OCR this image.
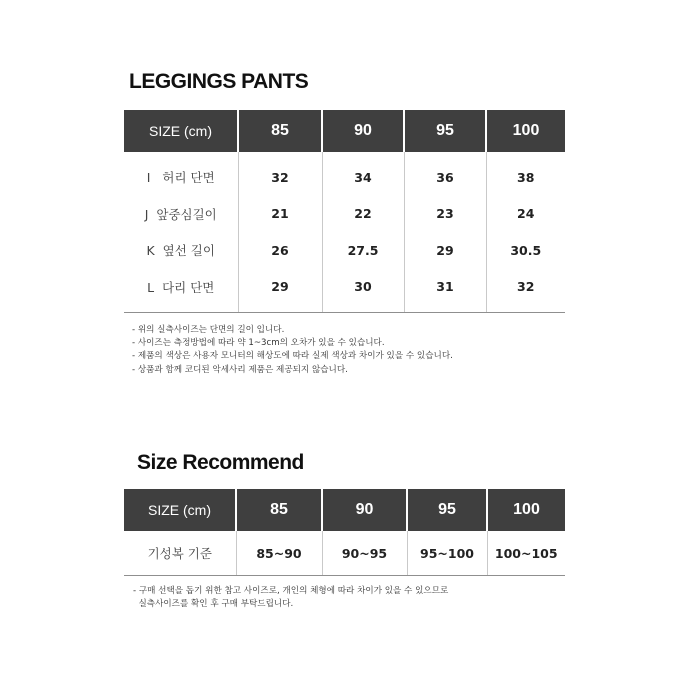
LEGGINGS PANTS
SIZE (cm)	85	90	95	100

I   허리 단면	32	34	36	38
J  앞중심길이	21	22	23	24
K  옆선 길이	26	27.5	29	30.5
L  다리 단면	29	30	31	32

- 위의 실측사이즈는 단면의 길이 입니다.
- 사이즈는 측정방법에 따라 약 1~3cm의 오차가 있을 수 있습니다.
- 제품의 색상은 사용자 모니터의 해상도에 따라 실제 색상과 차이가 있을 수 있습니다.
- 상품과 함께 코디된 악세사리 제품은 제공되지 않습니다.
Size Recommend
SIZE (cm)	85	90	95	100
기성복 기준	85~90	90~95	95~100	100~105
- 구매 선택을 돕기 위한 참고 사이즈로, 개인의 체형에 따라 차이가 있을 수 있으므로
실측사이즈를 확인 후 구매 부탁드립니다.
